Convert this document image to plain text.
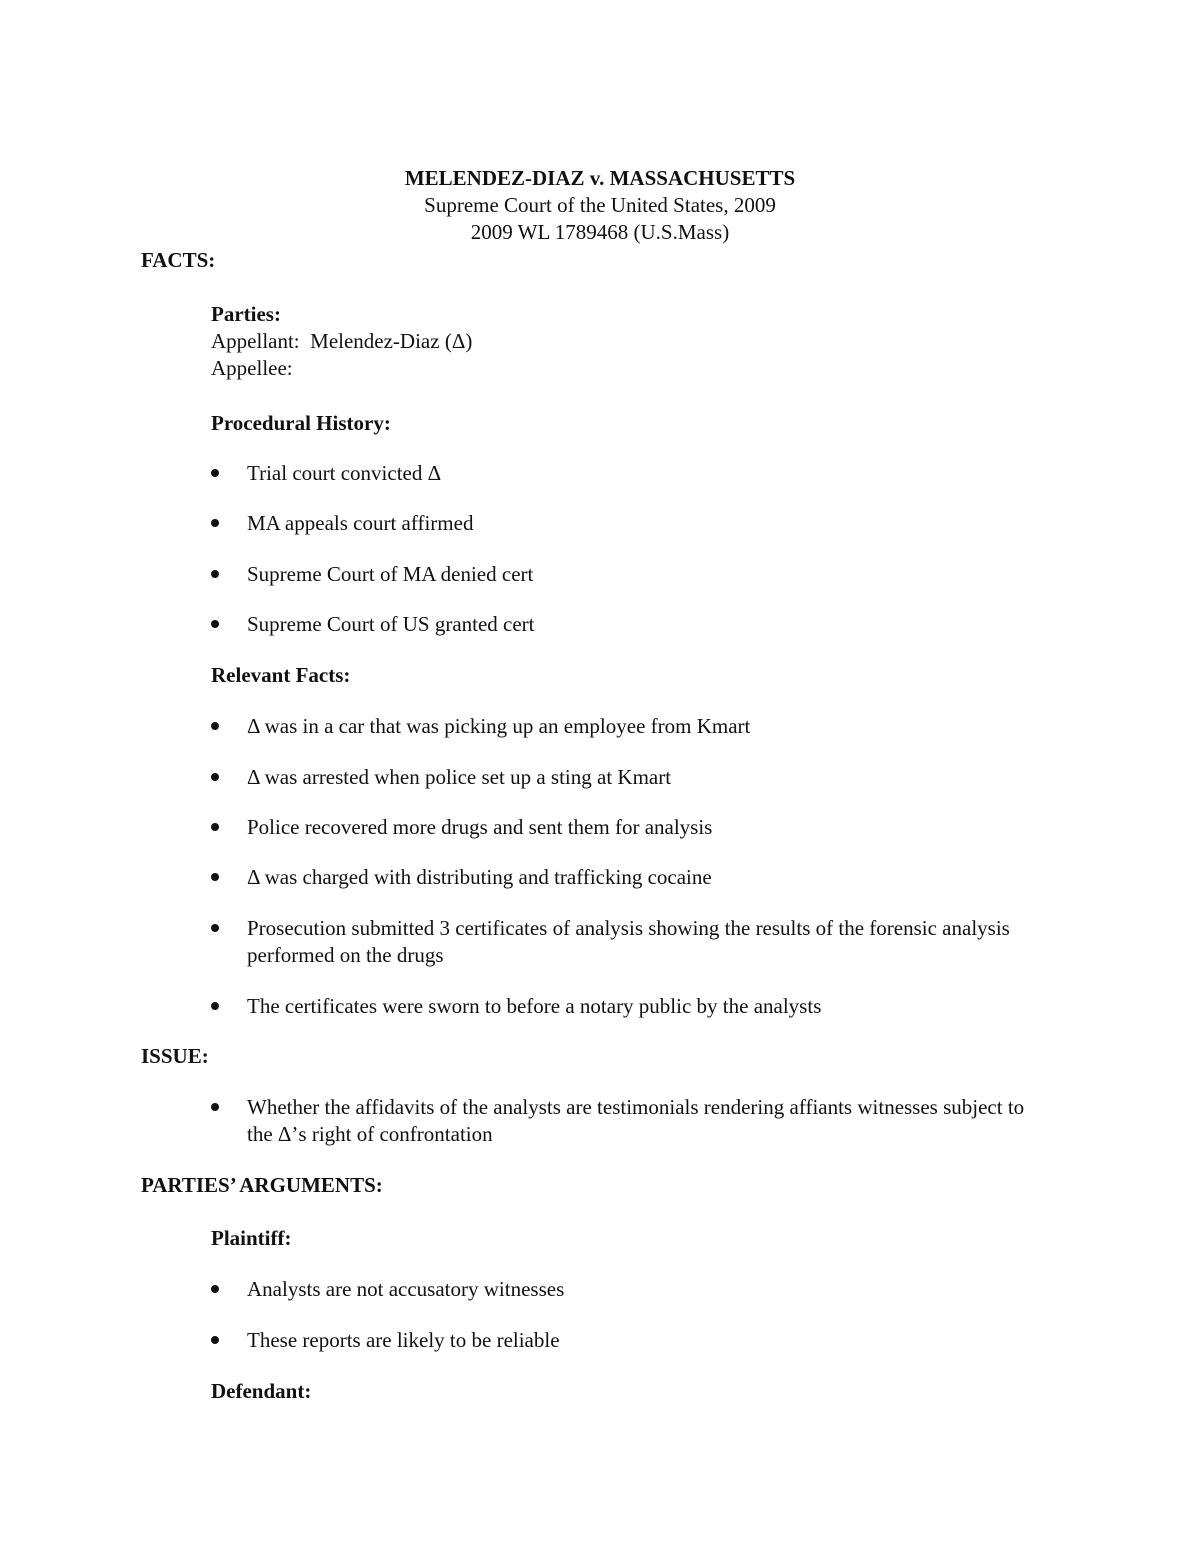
MELENDEZ-DIAZ v. MASSACHUSETTS
Supreme Court of the United States, 2009
2009 WL 1789468 (U.S.Mass)
FACTS:
Parties:
Appellant:  Melendez-Diaz (Δ)
Appellee:
Procedural History:
Trial court convicted Δ
MA appeals court affirmed
Supreme Court of MA denied cert
Supreme Court of US granted cert
Relevant Facts:
Δ was in a car that was picking up an employee from Kmart
Δ was arrested when police set up a sting at Kmart
Police recovered more drugs and sent them for analysis
Δ was charged with distributing and trafficking cocaine
Prosecution submitted 3 certificates of analysis showing the results of the forensic analysis performed on the drugs
The certificates were sworn to before a notary public by the analysts
ISSUE:
Whether the affidavits of the analysts are testimonials rendering affiants witnesses subject to the Δ’s right of confrontation
PARTIES’ ARGUMENTS:
Plaintiff:
Analysts are not accusatory witnesses
These reports are likely to be reliable
Defendant:
